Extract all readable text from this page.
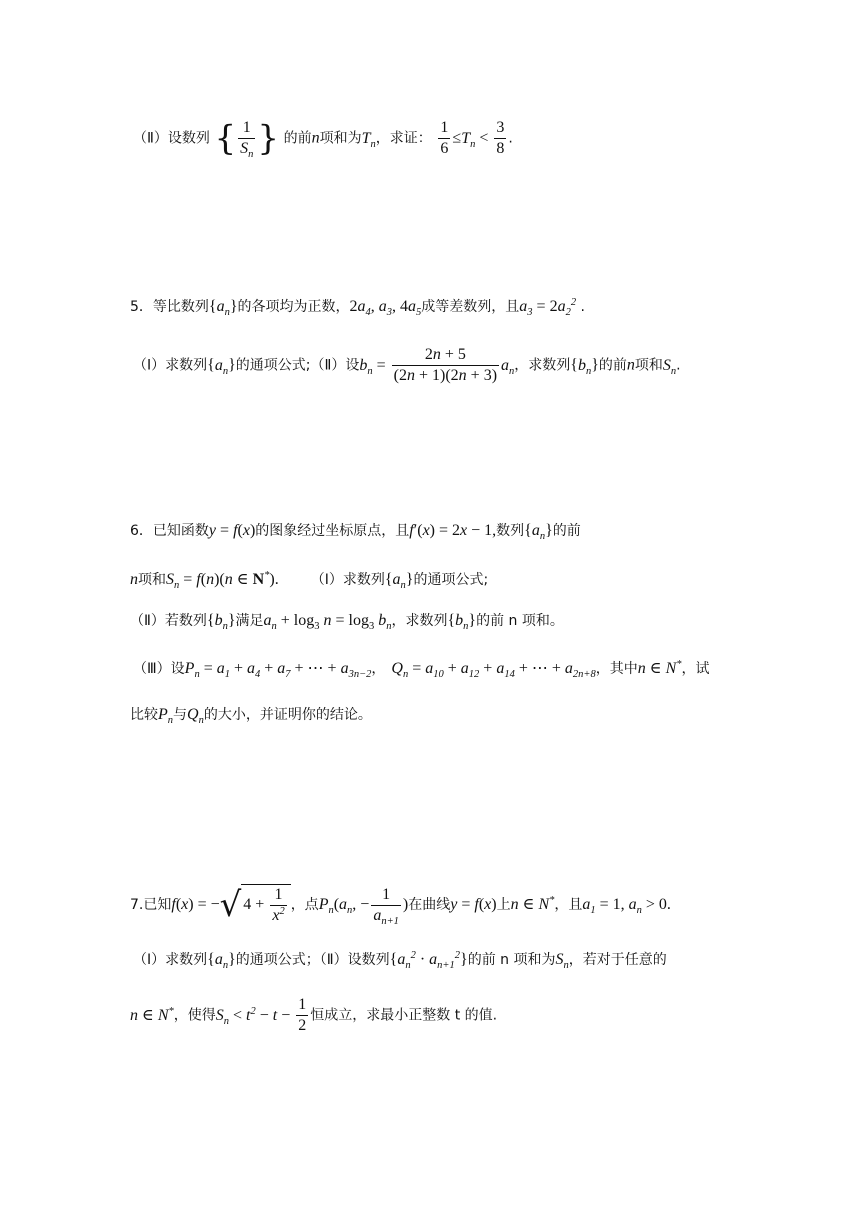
（Ⅱ）设数列 { $\frac{1}{S_n}$ } 的前n项和为$T_n$，求证： $\frac{1}{6} \le T_n < \frac{3}{8}$ .
5．等比数列$\{a_n\}$的各项均为正数，$2a_4$, $a_3$, $4a_5$成等差数列，且$a_3 = 2a_2^2$ .
（Ⅰ）求数列$\{a_n\}$的通项公式;（Ⅱ）设$b_n = \frac{2n + 5}{(2n + 1)(2n + 3)} a_n$，求数列$\{b_n\}$的前n项和$S_n$.
6．已知函数y = f(x)的图象经过坐标原点，且f′(x) = 2x − 1,数列$\{a_n\}$的前
n项和$S_n = f(n)(n$ ∈ N*). （Ⅰ）求数列$\{a_n\}$的通项公式;
（Ⅱ）若数列$\{b_n\}$满足$a_n + \log_3 n = \log_3 b_n$，求数列$\{b_n\}$的前 n 项和。
（Ⅲ）设$P_n = a_1 + a_4 + a_7$ + ⋯ + $a_{3n-2}$， $Q_n = a_{10} + a_{12} + a_{14}$ + ⋯ + $a_{2n+8}$，其中n ∈ N*，试
比较$P_n$与$Q_n$的大小，并证明你的结论。
7.已知f(x) = −√ $4 + \frac{1}{x^2}$ ，点$P_n(a_n$, − $\frac{1}{a_{n+1}}$ )在曲线y = f(x)上n ∈ N*，且$a_1 = 1$, $a_n > 0$.
（Ⅰ）求数列$\{a_n\}$的通项公式；（Ⅱ）设数列$\{a_n^2 \cdot a_{n+1}^2\}$的前 n 项和为$S_n$，若对于任意的
n ∈ N*，使得$S_n < t^2 - t - \frac{1}{2}$ 恒成立，求最小正整数 t 的值.
